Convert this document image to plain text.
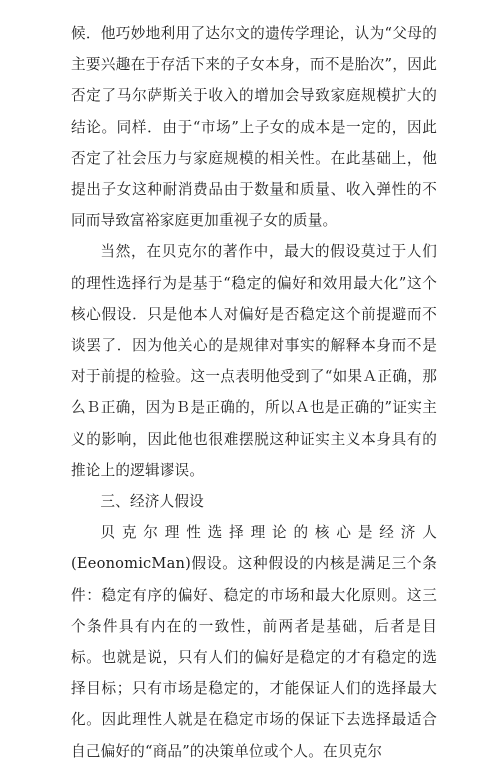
候．他巧妙地利用了达尔文的遗传学理论，认为“父母的主要兴趣在于存活下来的子女本身，而不是胎次”，因此否定了马尔萨斯关于收入的增加会导致家庭规模扩大的结论。同样．由于“市场”上子女的成本是一定的，因此否定了社会压力与家庭规模的相关性。在此基础上，他提出子女这种耐消费品由于数量和质量、收入弹性的不同而导致富裕家庭更加重视子女的质量。

当然，在贝克尔的著作中，最大的假设莫过于人们的理性选择行为是基于“稳定的偏好和效用最大化”这个核心假设．只是他本人对偏好是否稳定这个前提避而不谈罢了．因为他关心的是规律对事实的解释本身而不是对于前提的检验。这一点表明他受到了“如果Ａ正确，那么Ｂ正确，因为Ｂ是正确的，所以Ａ也是正确的”证实主义的影响，因此他也很难摆脱这种证实主义本身具有的推论上的逻辑谬误。

三、经济人假设

贝克尔理性选择理论的核心是经济人(EeonomicMan)假设。这种假设的内核是满足三个条件：稳定有序的偏好、稳定的市场和最大化原则。这三个条件具有内在的一致性，前两者是基础，后者是目标。也就是说，只有人们的偏好是稳定的才有稳定的选择目标；只有市场是稳定的，才能保证人们的选择最大化。因此理性人就是在稳定市场的保证下去选择最适合自己偏好的“商品”的决策单位或个人。在贝克尔
